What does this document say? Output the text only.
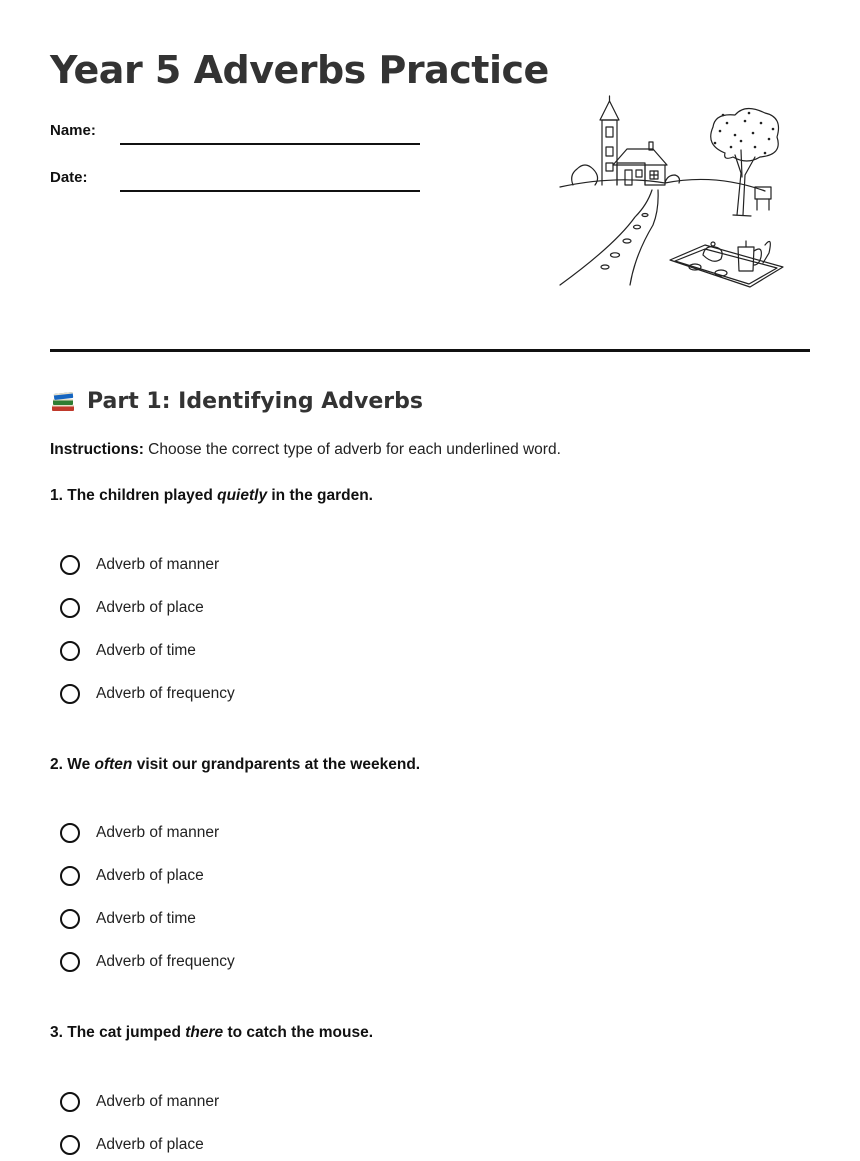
Year 5 Adverbs Practice
Name:
Date:
Part 1: Identifying Adverbs
Instructions: Choose the correct type of adverb for each underlined word.
1. The children played quietly in the garden.
Adverb of manner
Adverb of place
Adverb of time
Adverb of frequency
2. We often visit our grandparents at the weekend.
Adverb of manner
Adverb of place
Adverb of time
Adverb of frequency
3. The cat jumped there to catch the mouse.
Adverb of manner
Adverb of place
